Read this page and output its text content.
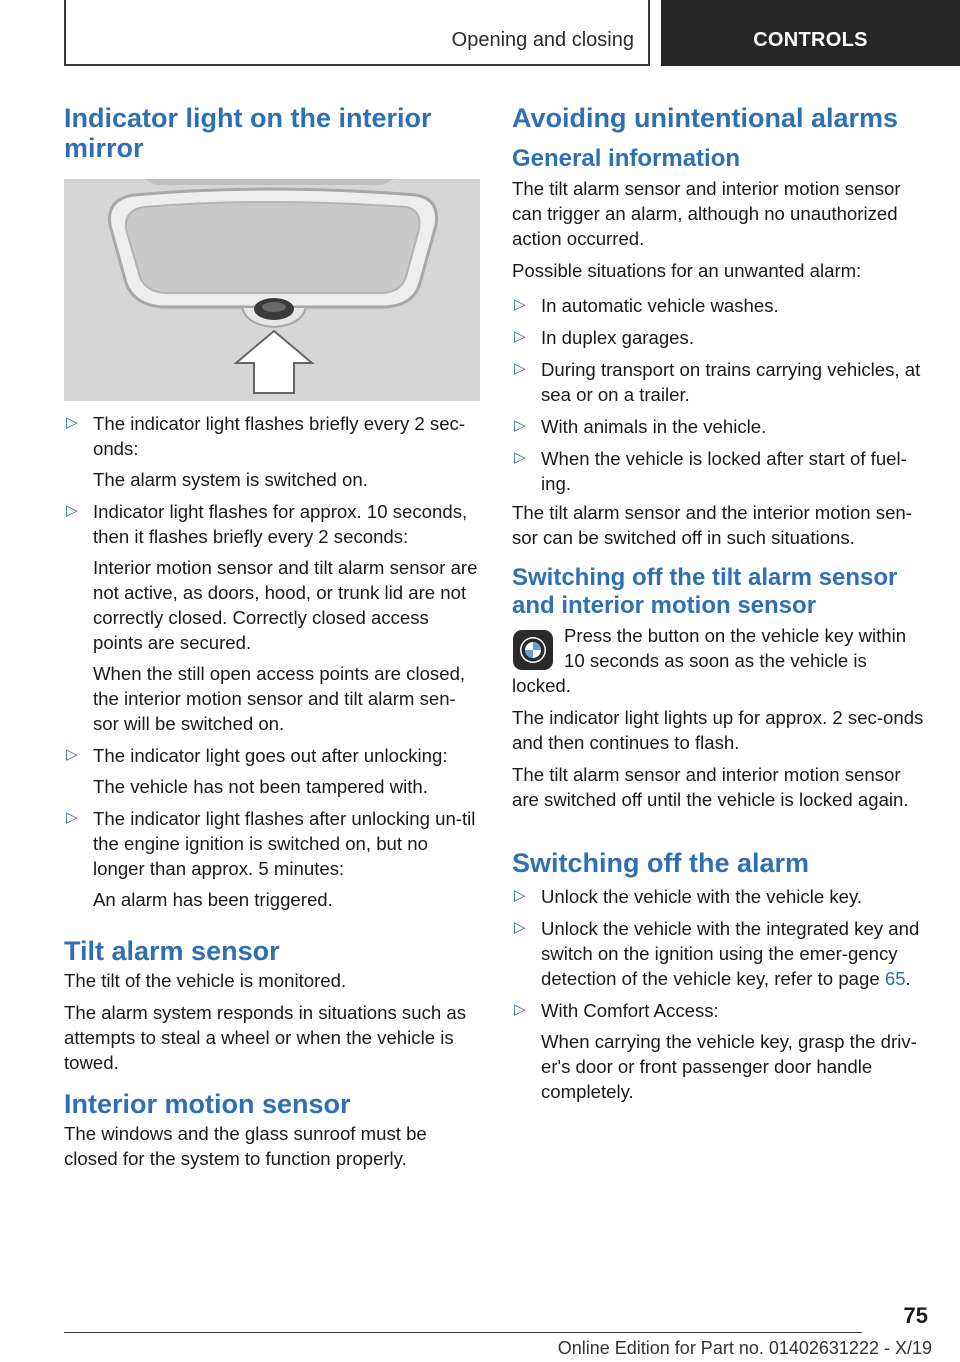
Opening and closing	CONTROLS
Indicator light on the interior mirror
▷ The indicator light flashes briefly every 2 sec‐onds:

The alarm system is switched on.

▷ Indicator light flashes for approx. 10 seconds, then it flashes briefly every 2 seconds:

Interior motion sensor and tilt alarm sensor are not active, as doors, hood, or trunk lid are not correctly closed. Correctly closed access points are secured.

When the still open access points are closed, the interior motion sensor and tilt alarm sen‐sor will be switched on.

▷ The indicator light goes out after unlocking:

The vehicle has not been tampered with.

▷ The indicator light flashes after unlocking un‐til the engine ignition is switched on, but no longer than approx. 5 minutes:

An alarm has been triggered.

Tilt alarm sensor

The tilt of the vehicle is monitored.

The alarm system responds in situations such as attempts to steal a wheel or when the vehicle is towed.

Interior motion sensor

The windows and the glass sunroof must be closed for the system to function properly.

Avoiding unintentional alarms
General information

The tilt alarm sensor and interior motion sensor can trigger an alarm, although no unauthorized action occurred.

Possible situations for an unwanted alarm:

▷ In automatic vehicle washes.

▷ In duplex garages.

▷ During transport on trains carrying vehicles, at sea or on a trailer.

▷ With animals in the vehicle.

▷ When the vehicle is locked after start of fuel‐ing.

The tilt alarm sensor and the interior motion sen‐sor can be switched off in such situations.

Switching off the tilt alarm sensor and interior motion sensor

Press the button on the vehicle key within 10 seconds as soon as the vehicle is locked.

The indicator light lights up for approx. 2 sec‐onds and then continues to flash.

The tilt alarm sensor and interior motion sensor are switched off until the vehicle is locked again.

Switching off the alarm
▷ Unlock the vehicle with the vehicle key.

▷ Unlock the vehicle with the integrated key and switch on the ignition using the emer‐gency detection of the vehicle key, refer to page 65.

▷ With Comfort Access:

When carrying the vehicle key, grasp the driv‐er's door or front passenger door handle completely.

75
Online Edition for Part no. 01402631222 - X/19
